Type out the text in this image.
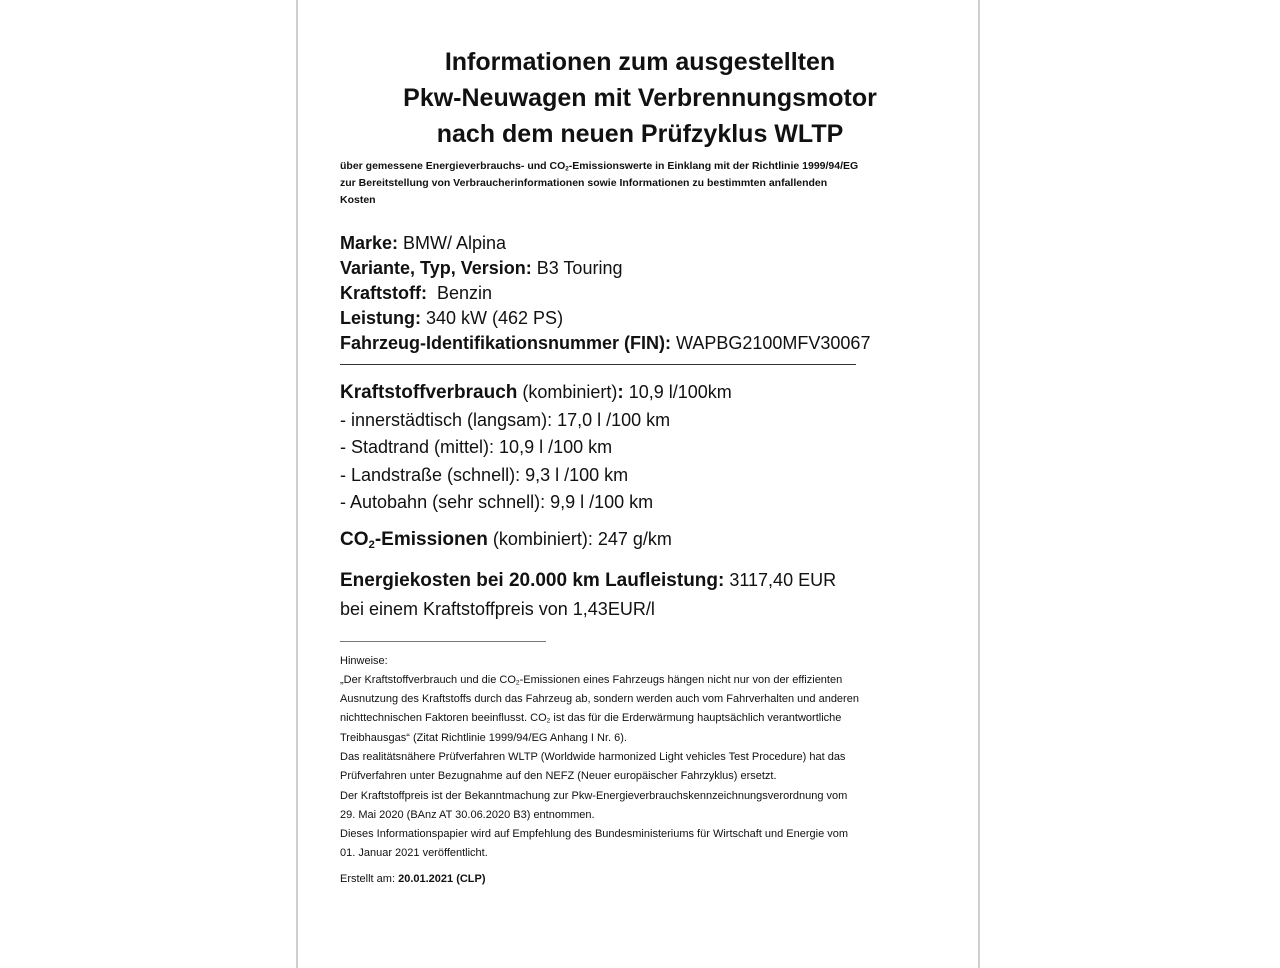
Informationen zum ausgestellten
Pkw-Neuwagen mit Verbrennungsmotor
nach dem neuen Prüfzyklus WLTP
über gemessene Energieverbrauchs- und $CO_2$-Emissionswerte in Einklang mit der Richtlinie 1999/94/EG
zur Bereitstellung von Verbraucherinformationen sowie Informationen zu bestimmten anfallenden
Kosten
Marke: BMW/ Alpina
Variante, Typ, Version: B3 Touring
Kraftstoff:  Benzin
Leistung: 340 kW (462 PS)
Fahrzeug-Identifikationsnummer (FIN): WAPBG2100MFV30067
Kraftstoffverbrauch (kombiniert): 10,9 l/100km
- innerstädtisch (langsam): 17,0 l /100 km
- Stadtrand (mittel): 10,9 l /100 km
- Landstraße (schnell): 9,3 l /100 km
- Autobahn (sehr schnell): 9,9 l /100 km
$CO_2$-Emissionen (kombiniert): 247 g/km
Energiekosten bei 20.000 km Laufleistung: 3117,40 EUR
bei einem Kraftstoffpreis von 1,43EUR/l

Hinweise:

„Der Kraftstoffverbrauch und die $CO_2$-Emissionen eines Fahrzeugs hängen nicht nur von der effizienten

Ausnutzung des Kraftstoffs durch das Fahrzeug ab, sondern werden auch vom Fahrverhalten und anderen

nichttechnischen Faktoren beeinflusst. $CO_2$ ist das für die Erderwärmung hauptsächlich verantwortliche

Treibhausgas“ (Zitat Richtlinie 1999/94/EG Anhang I Nr. 6).

Das realitätsnähere Prüfverfahren WLTP (Worldwide harmonized Light vehicles Test Procedure) hat das

Prüfverfahren unter Bezugnahme auf den NEFZ (Neuer europäischer Fahrzyklus) ersetzt.

Der Kraftstoffpreis ist der Bekanntmachung zur Pkw-Energieverbrauchskennzeichnungsverordnung vom

29. Mai 2020 (BAnz AT 30.06.2020 B3) entnommen.

Dieses Informationspapier wird auf Empfehlung des Bundesministeriums für Wirtschaft und Energie vom

01. Januar 2021 veröffentlicht.

Erstellt am: 20.01.2021 (CLP)
